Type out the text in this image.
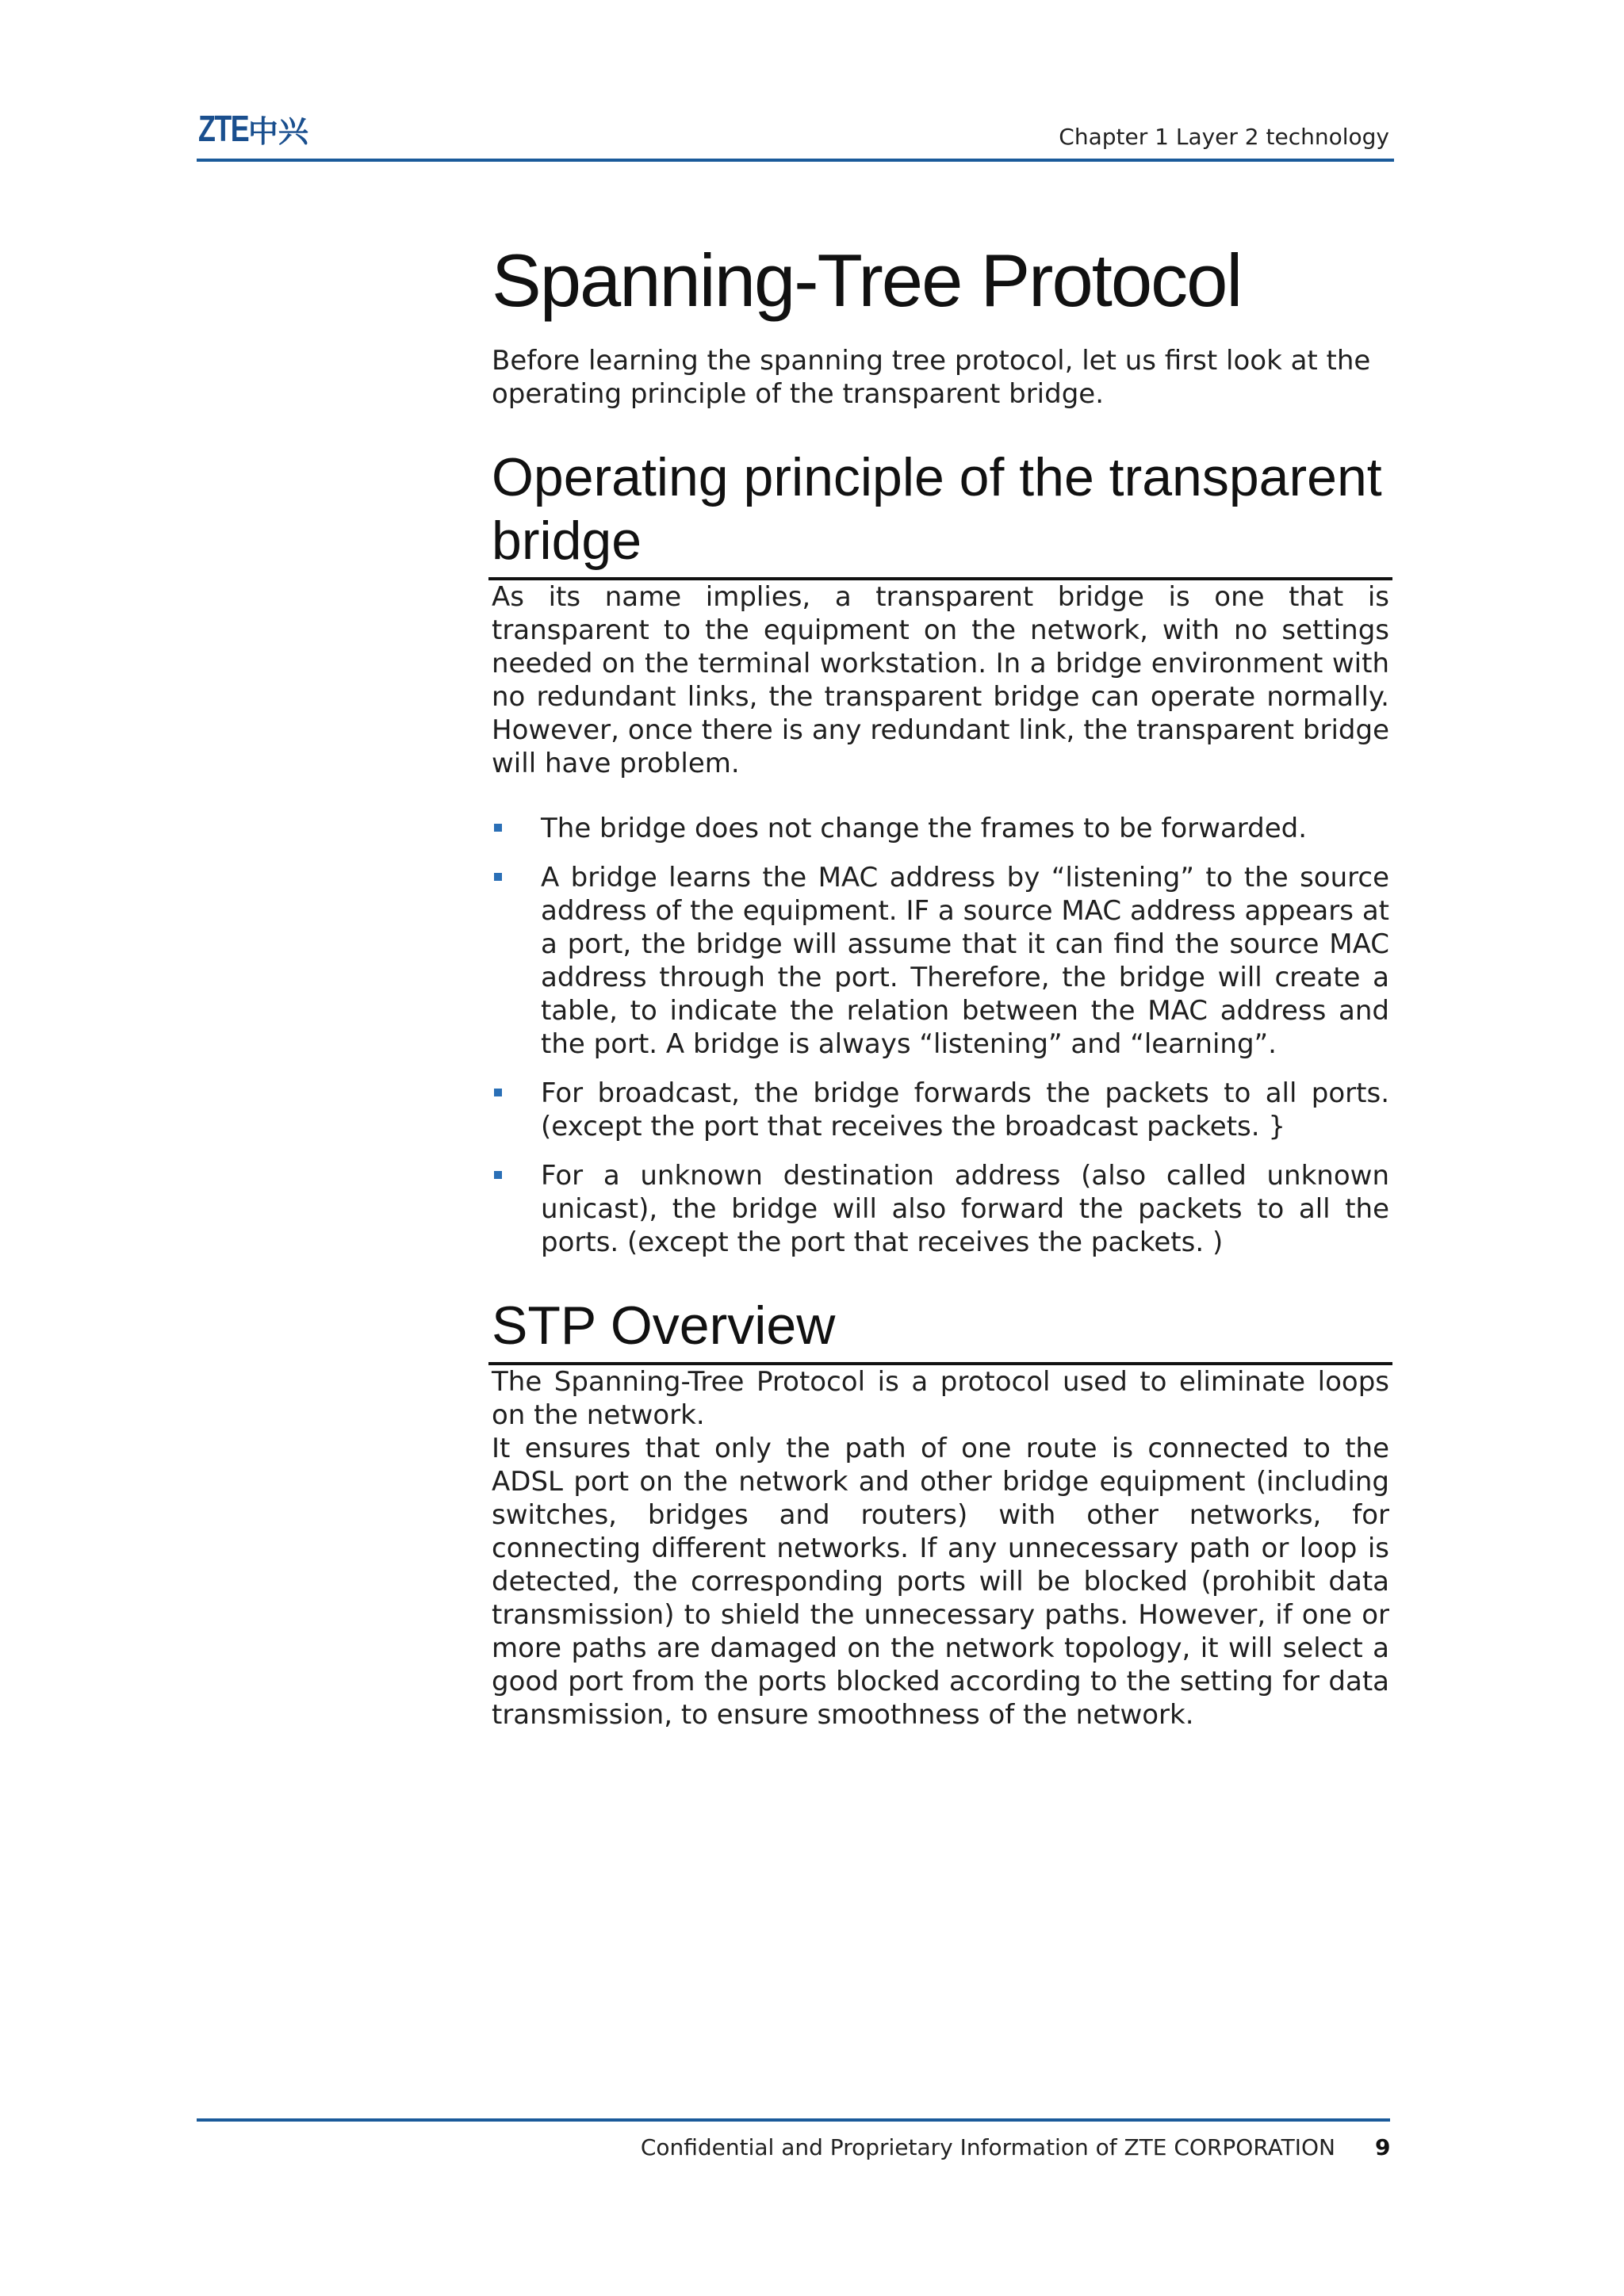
ZTE 中兴	Chapter 1 Layer 2 technology
Spanning-Tree Protocol

Before learning the spanning tree protocol, let us first look at the operating principle of the transparent bridge.

Operating principle of the transparent bridge

As its name implies, a transparent bridge is one that is transparent to the equipment on the network, with no settings needed on the terminal workstation. In a bridge environment with no redundant links, the transparent bridge can operate normally. However, once there is any redundant link, the transparent bridge will have problem.

The bridge does not change the frames to be forwarded.
A bridge learns the MAC address by “listening” to the source address of the equipment. IF a source MAC address appears at a port, the bridge will assume that it can find the source MAC address through the port. Therefore, the bridge will create a table, to indicate the relation between the MAC address and the port. A bridge is always “listening” and “learning”.
For broadcast, the bridge forwards the packets to all ports. (except the port that receives the broadcast packets. }
For a unknown destination address (also called unknown unicast), the bridge will also forward the packets to all the ports. (except the port that receives the packets. )
STP Overview

The Spanning-Tree Protocol is a protocol used to eliminate loops on the network.

It ensures that only the path of one route is connected to the ADSL port on the network and other bridge equipment (including switches, bridges and routers) with other networks, for connecting different networks. If any unnecessary path or loop is detected, the corresponding ports will be blocked (prohibit data transmission) to shield the unnecessary paths. However, if one or more paths are damaged on the network topology, it will select a good port from the ports blocked according to the setting for data transmission, to ensure smoothness of the network.

Confidential and Proprietary Information of ZTE CORPORATION 9
